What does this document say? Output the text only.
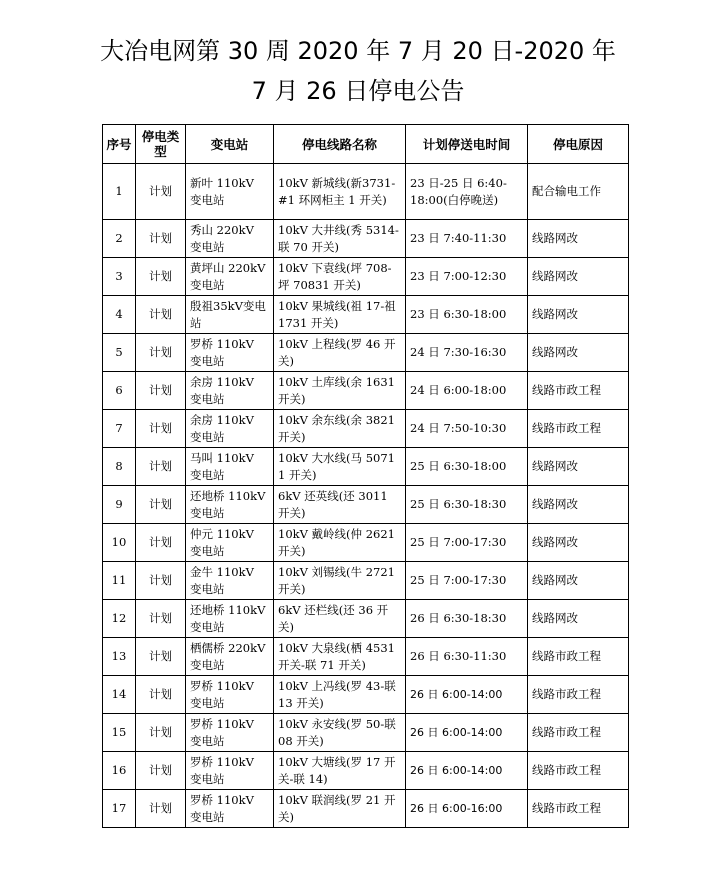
大冶电网第 30 周 2020 年 7 月 20 日-2020 年
7 月 26 日停电公告
序号	停电类型	变电站	停电线路名称	计划停送电时间	停电原因
1	计划	新叶 110kV 变电站	10kV 新城线(新3731-#1 环网柜主 1 开关)	23 日-25 日 6:40-18:00(白停晚送)	配合输电工作
2	计划	秀山 220kV 变电站	10kV 大井线(秀 5314-联 70 开关)	23 日 7:40-11:30	线路网改
3	计划	黄坪山 220kV 变电站	10kV 下袁线(坪 708-坪 70831 开关)	23 日 7:00-12:30	线路网改
4	计划	殷祖35kV变电站	10kV 果城线(祖 17-祖1731 开关)	23 日 6:30-18:00	线路网改
5	计划	罗桥 110kV 变电站	10kV 上程线(罗 46 开关)	24 日 7:30-16:30	线路网改
6	计划	余房 110kV 变电站	10kV 土库线(余 1631 开关)	24 日 6:00-18:00	线路市政工程
7	计划	余房 110kV 变电站	10kV 余东线(余 3821 开关)	24 日 7:50-10:30	线路市政工程
8	计划	马叫 110kV 变电站	10kV 大水线(马 50711 开关)	25 日 6:30-18:00	线路网改
9	计划	还地桥 110kV 变电站	6kV 还英线(还 3011 开关)	25 日 6:30-18:30	线路网改
10	计划	仲元 110kV 变电站	10kV 戴岭线(仲 2621 开关)	25 日 7:00-17:30	线路网改
11	计划	金牛 110kV 变电站	10kV 刘锡线(牛 2721 开关)	25 日 7:00-17:30	线路网改
12	计划	还地桥 110kV 变电站	6kV 还栏线(还 36 开关)	26 日 6:30-18:30	线路网改
13	计划	栖儒桥 220kV 变电站	10kV 大泉线(栖 4531 开关-联 71 开关)	26 日 6:30-11:30	线路市政工程
14	计划	罗桥 110kV 变电站	10kV 上冯线(罗 43-联 13 开关)	26 日 6:00-14:00	线路市政工程
15	计划	罗桥 110kV 变电站	10kV 永安线(罗 50-联 08 开关)	26 日 6:00-14:00	线路市政工程
16	计划	罗桥 110kV 变电站	10kV 大塘线(罗 17 开关-联 14)	26 日 6:00-14:00	线路市政工程
17	计划	罗桥 110kV 变电站	10kV 联润线(罗 21 开关)	26 日 6:00-16:00	线路市政工程
